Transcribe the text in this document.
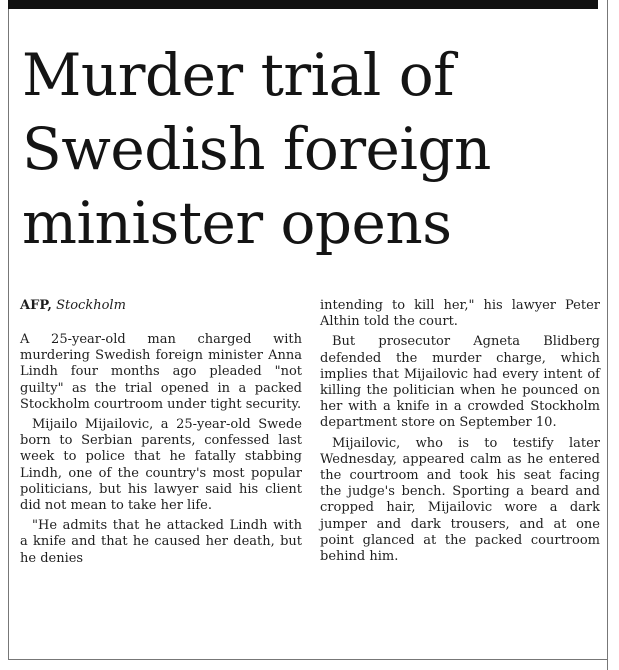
Murder trial of Swedish foreign minister opens
AFP, Stockholm

A 25-year-old man charged with murdering Swedish foreign minister Anna Lindh four months ago pleaded "not guilty" as the trial opened in a packed Stockholm courtroom under tight security.

Mijailo Mijailovic, a 25-year-old Swede born to Serbian parents, confessed last week to police that he fatally stabbing Lindh, one of the country's most popular politicians, but his lawyer said his client did not mean to take her life.

"He admits that he attacked Lindh with a knife and that he caused her death, but he denies

intending to kill her," his lawyer Peter Althin told the court.

But prosecutor Agneta Blidberg defended the murder charge, which implies that Mijailovic had every intent of killing the politician when he pounced on her with a knife in a crowded Stockholm department store on September 10.

Mijailovic, who is to testify later Wednesday, appeared calm as he entered the courtroom and took his seat facing the judge's bench. Sporting a beard and cropped hair, Mijailovic wore a dark jumper and dark trousers, and at one point glanced at the packed courtroom behind him.
